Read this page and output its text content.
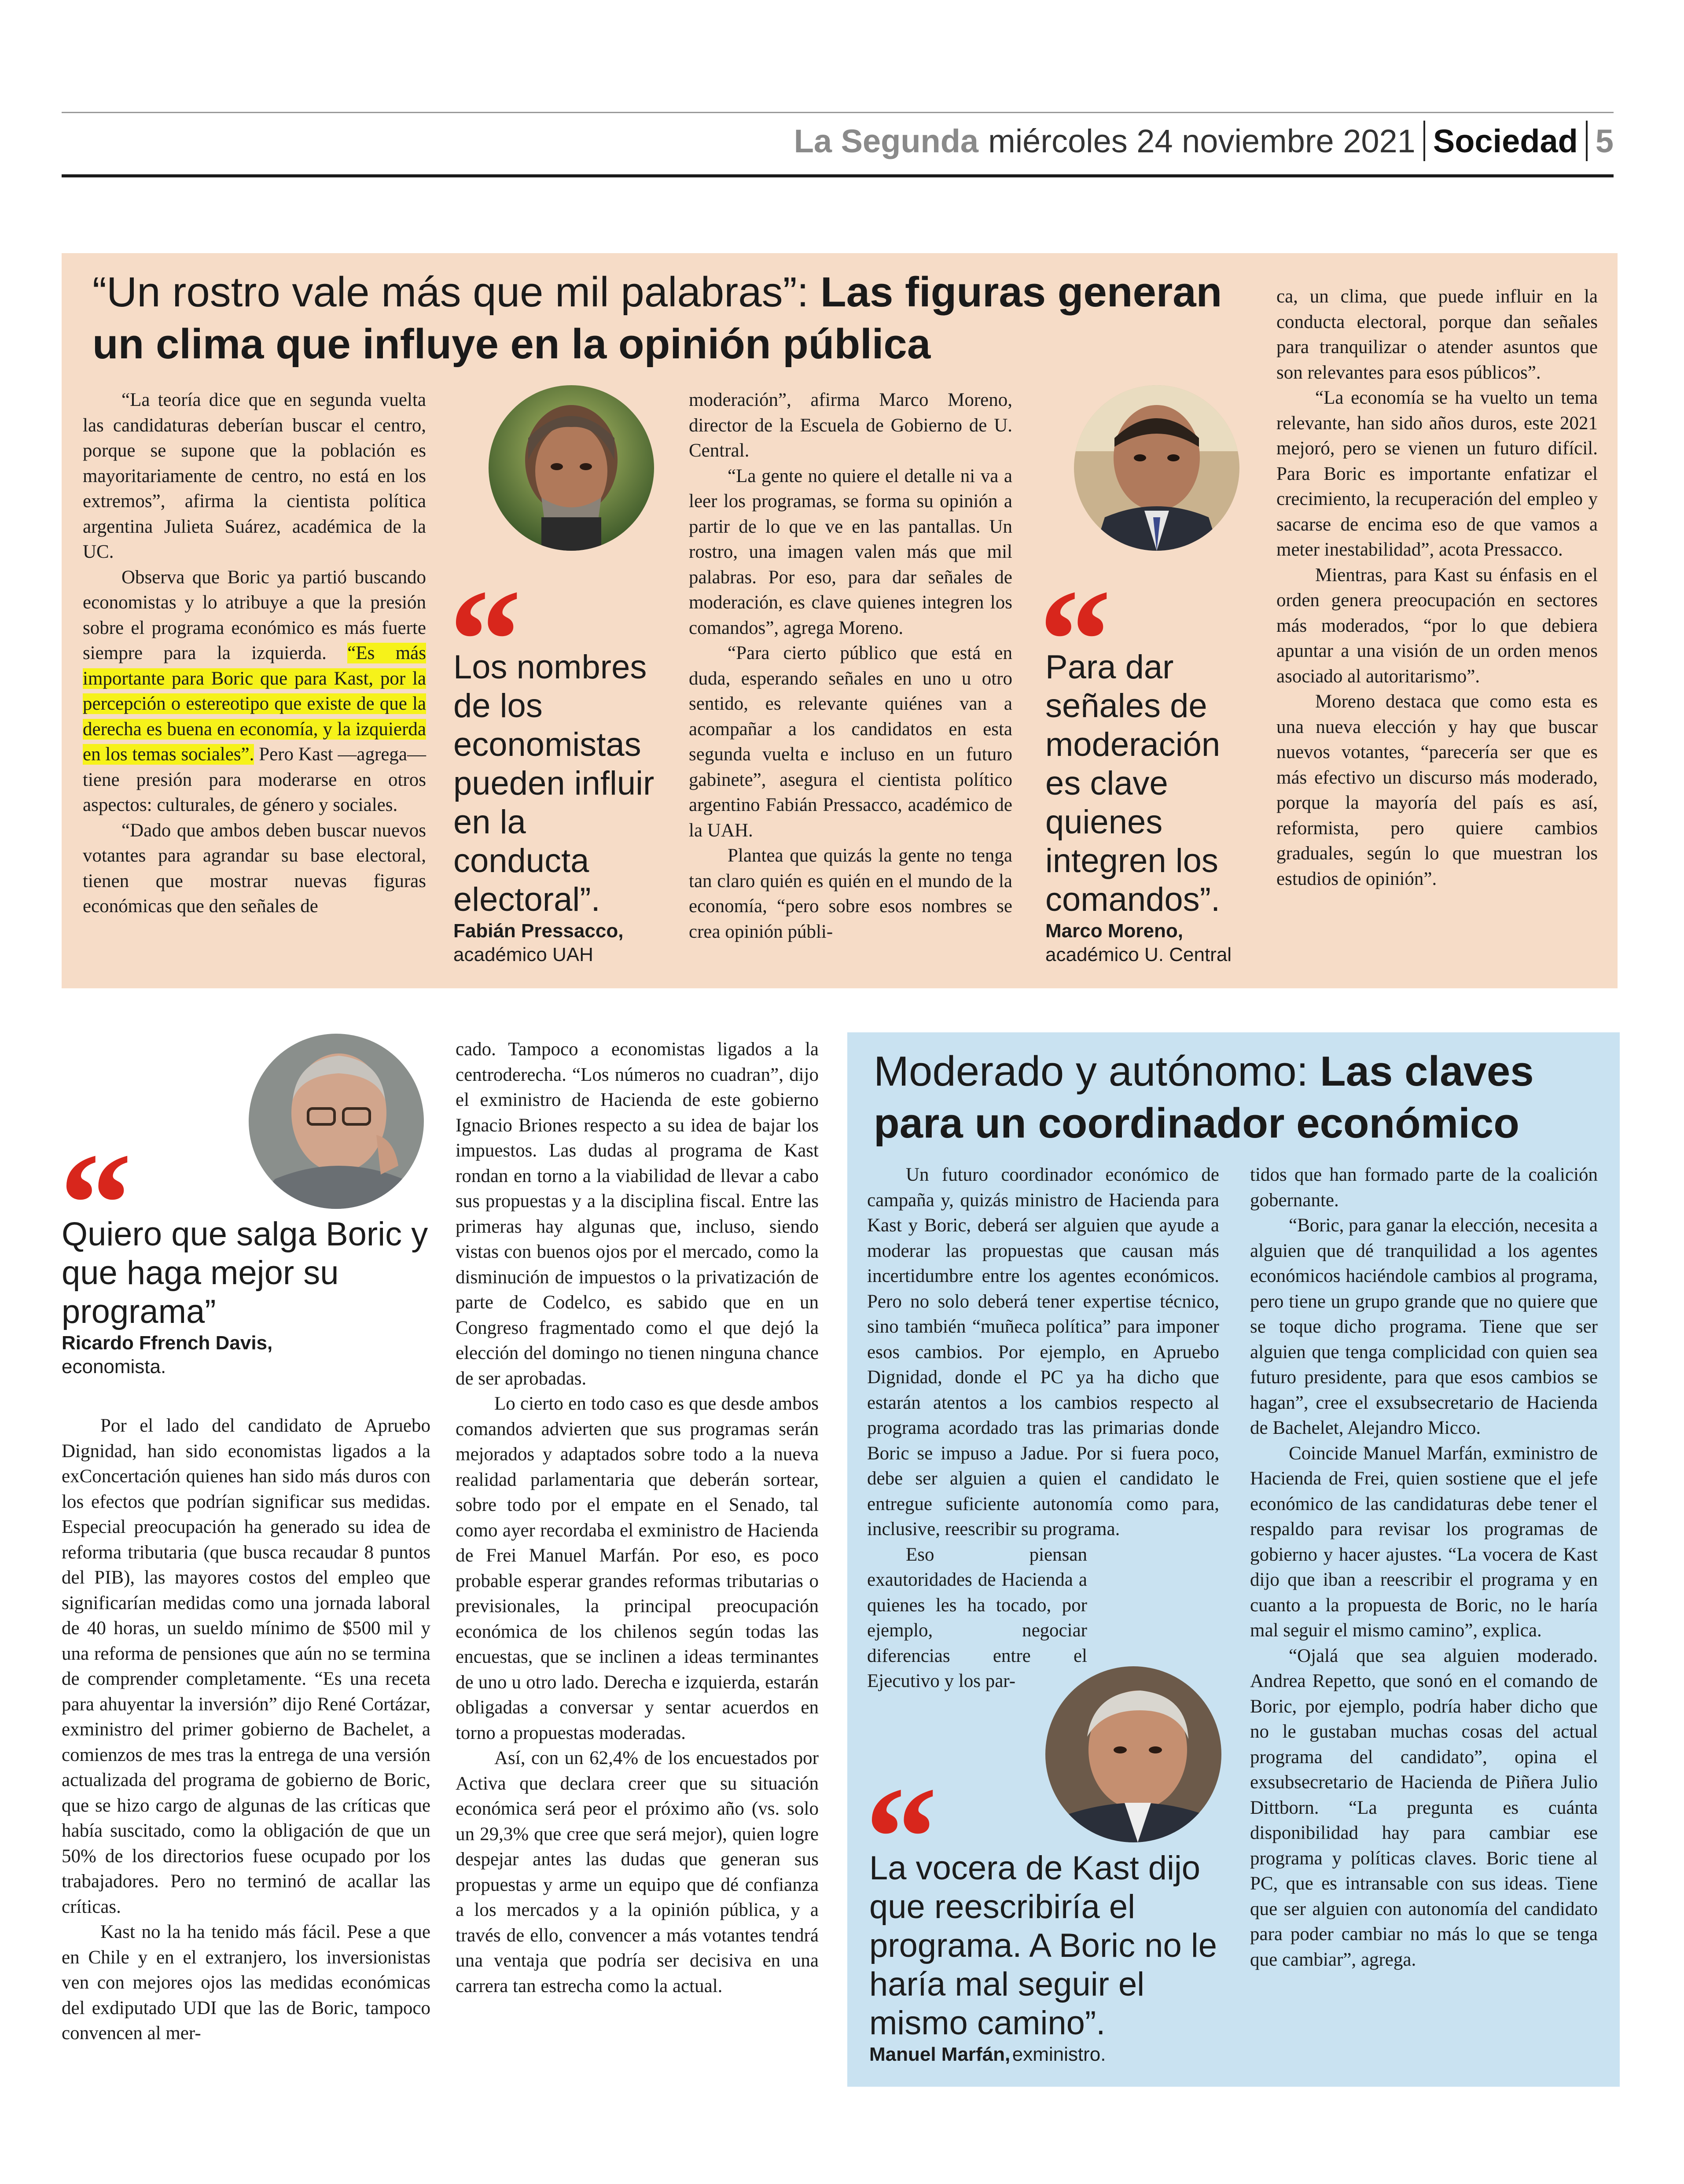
La Segunda miércoles 24 noviembre 2021 Sociedad 5
“Un rostro vale más que mil palabras”: Las figuras generan un clima que influye en la opinión pública

“La teoría dice que en segunda vuelta las candidaturas deberían buscar el centro, porque se supone que la población es mayoritariamente de centro, no está en los extremos”, afirma la cientista política argentina Julieta Suárez, académica de la UC.

Observa que Boric ya partió buscando economistas y lo atribuye a que la presión sobre el programa económico es más fuerte siempre para la izquierda. “Es más importante para Boric que para Kast, por la percepción o estereotipo que existe de que la derecha es buena en economía, y la izquierda en los temas sociales”. Pero Kast —agrega— tiene presión para moderarse en otros aspectos: culturales, de género y sociales.

“Dado que ambos deben buscar nuevos votantes para agrandar su base electoral, tienen que mostrar nuevas figuras económicas que den señales de

Los nombres de los economistas pueden influir en la conducta electoral”.
Fabián Pressacco,
académico UAH

moderación”, afirma Marco Moreno, director de la Escuela de Gobierno de U. Central.

“La gente no quiere el detalle ni va a leer los programas, se forma su opinión a partir de lo que ve en las pantallas. Un rostro, una imagen valen más que mil palabras. Por eso, para dar señales de moderación, es clave quienes integren los comandos”, agrega Moreno.

“Para cierto público que está en duda, esperando señales en uno u otro sentido, es relevante quiénes van a acompañar a los candidatos en esta segunda vuelta e incluso en un futuro gabinete”, asegura el cientista político argentino Fabián Pressacco, académico de la UAH.

Plantea que quizás la gente no tenga tan claro quién es quién en el mundo de la economía, “pero sobre esos nombres se crea opinión públi-

Para dar señales de moderación es clave quienes integren los comandos”.
Marco Moreno,
académico U. Central

ca, un clima, que puede influir en la conducta electoral, porque dan señales para tranquilizar o atender asuntos que son relevantes para esos públicos”.

“La economía se ha vuelto un tema relevante, han sido años duros, este 2021 mejoró, pero se vienen un futuro difícil. Para Boric es importante enfatizar el crecimiento, la recuperación del empleo y sacarse de encima eso de que vamos a meter inestabilidad”, acota Pressacco.

Mientras, para Kast su énfasis en el orden genera preocupación en sectores más moderados, “por lo que debiera apuntar a una visión de un orden menos asociado al autoritarismo”.

Moreno destaca que como esta es una nueva elección y hay que buscar nuevos votantes, “parecería ser que es más efectivo un discurso más moderado, porque la mayoría del país es así, reformista, pero quiere cambios graduales, según lo que muestran los estudios de opinión”.

Quiero que salga Boric y que haga mejor su programa”
Ricardo Ffrench Davis,
economista.

Por el lado del candidato de Apruebo Dignidad, han sido economistas ligados a la exConcertación quienes han sido más duros con los efectos que podrían significar sus medidas. Especial preocupación ha generado su idea de reforma tributaria (que busca recaudar 8 puntos del PIB), las mayores costos del empleo que significarían medidas como una jornada laboral de 40 horas, un sueldo mínimo de $500 mil y una reforma de pensiones que aún no se termina de comprender completamente. “Es una receta para ahuyentar la inversión” dijo René Cortázar, exministro del primer gobierno de Bachelet, a comienzos de mes tras la entrega de una versión actualizada del programa de gobierno de Boric, que se hizo cargo de algunas de las críticas que había suscitado, como la obligación de que un 50% de los directorios fuese ocupado por los trabajadores. Pero no terminó de acallar las críticas.

Kast no la ha tenido más fácil. Pese a que en Chile y en el extranjero, los inversionistas ven con mejores ojos las medidas económicas del exdiputado UDI que las de Boric, tampoco convencen al mer-

cado. Tampoco a economistas ligados a la centroderecha. “Los números no cuadran”, dijo el exministro de Hacienda de este gobierno Ignacio Briones respecto a su idea de bajar los impuestos. Las dudas al programa de Kast rondan en torno a la viabilidad de llevar a cabo sus propuestas y a la disciplina fiscal. Entre las primeras hay algunas que, incluso, siendo vistas con buenos ojos por el mercado, como la disminución de impuestos o la privatización de parte de Codelco, es sabido que en un Congreso fragmentado como el que dejó la elección del domingo no tienen ninguna chance de ser aprobadas.

Lo cierto en todo caso es que desde ambos comandos advierten que sus programas serán mejorados y adaptados sobre todo a la nueva realidad parlamentaria que deberán sortear, sobre todo por el empate en el Senado, tal como ayer recordaba el exministro de Hacienda de Frei Manuel Marfán. Por eso, es poco probable esperar grandes reformas tributarias o previsionales, la principal preocupación económica de los chilenos según todas las encuestas, que se inclinen a ideas terminantes de uno u otro lado. Derecha e izquierda, estarán obligadas a conversar y sentar acuerdos en torno a propuestas moderadas.

Así, con un 62,4% de los encuestados por Activa que declara creer que su situación económica será peor el próximo año (vs. solo un 29,3% que cree que será mejor), quien logre despejar antes las dudas que generan sus propuestas y arme un equipo que dé confianza a los mercados y a la opinión pública, y a través de ello, convencer a más votantes tendrá una ventaja que podría ser decisiva en una carrera tan estrecha como la actual.

Moderado y autónomo: Las claves para un coordinador económico

Un futuro coordinador económico de campaña y, quizás ministro de Hacienda para Kast y Boric, deberá ser alguien que ayude a moderar las propuestas que causan más incertidumbre entre los agentes económicos. Pero no solo deberá tener expertise técnico, sino también “muñeca política” para imponer esos cambios. Por ejemplo, en Apruebo Dignidad, donde el PC ya ha dicho que estarán atentos a los cambios respecto al programa acordado tras las primarias donde Boric se impuso a Jadue. Por si fuera poco, debe ser alguien a quien el candidato le entregue suficiente autonomía como para, inclusive, reescribir su programa.

Eso piensan exautoridades de Hacienda a quienes les ha tocado, por ejemplo, negociar diferencias entre el Ejecutivo y los par-

La vocera de Kast dijo que reescribiría el programa. A Boric no le haría mal seguir el mismo camino”.
Manuel Marfán, exministro.

tidos que han formado parte de la coalición gobernante.

“Boric, para ganar la elección, necesita a alguien que dé tranquilidad a los agentes económicos haciéndole cambios al programa, pero tiene un grupo grande que no quiere que se toque dicho programa. Tiene que ser alguien que tenga complicidad con quien sea futuro presidente, para que esos cambios se hagan”, cree el exsubsecretario de Hacienda de Bachelet, Alejandro Micco.

Coincide Manuel Marfán, exministro de Hacienda de Frei, quien sostiene que el jefe económico de las candidaturas debe tener el respaldo para revisar los programas de gobierno y hacer ajustes. “La vocera de Kast dijo que iban a reescribir el programa y en cuanto a la propuesta de Boric, no le haría mal seguir el mismo camino”, explica.

“Ojalá que sea alguien moderado. Andrea Repetto, que sonó en el comando de Boric, por ejemplo, podría haber dicho que no le gustaban muchas cosas del actual programa del candidato”, opina el exsubsecretario de Hacienda de Piñera Julio Dittborn. “La pregunta es cuánta disponibilidad hay para cambiar ese programa y políticas claves. Boric tiene al PC, que es intransable con sus ideas. Tiene que ser alguien con autonomía del candidato para poder cambiar no más lo que se tenga que cambiar”, agrega.
